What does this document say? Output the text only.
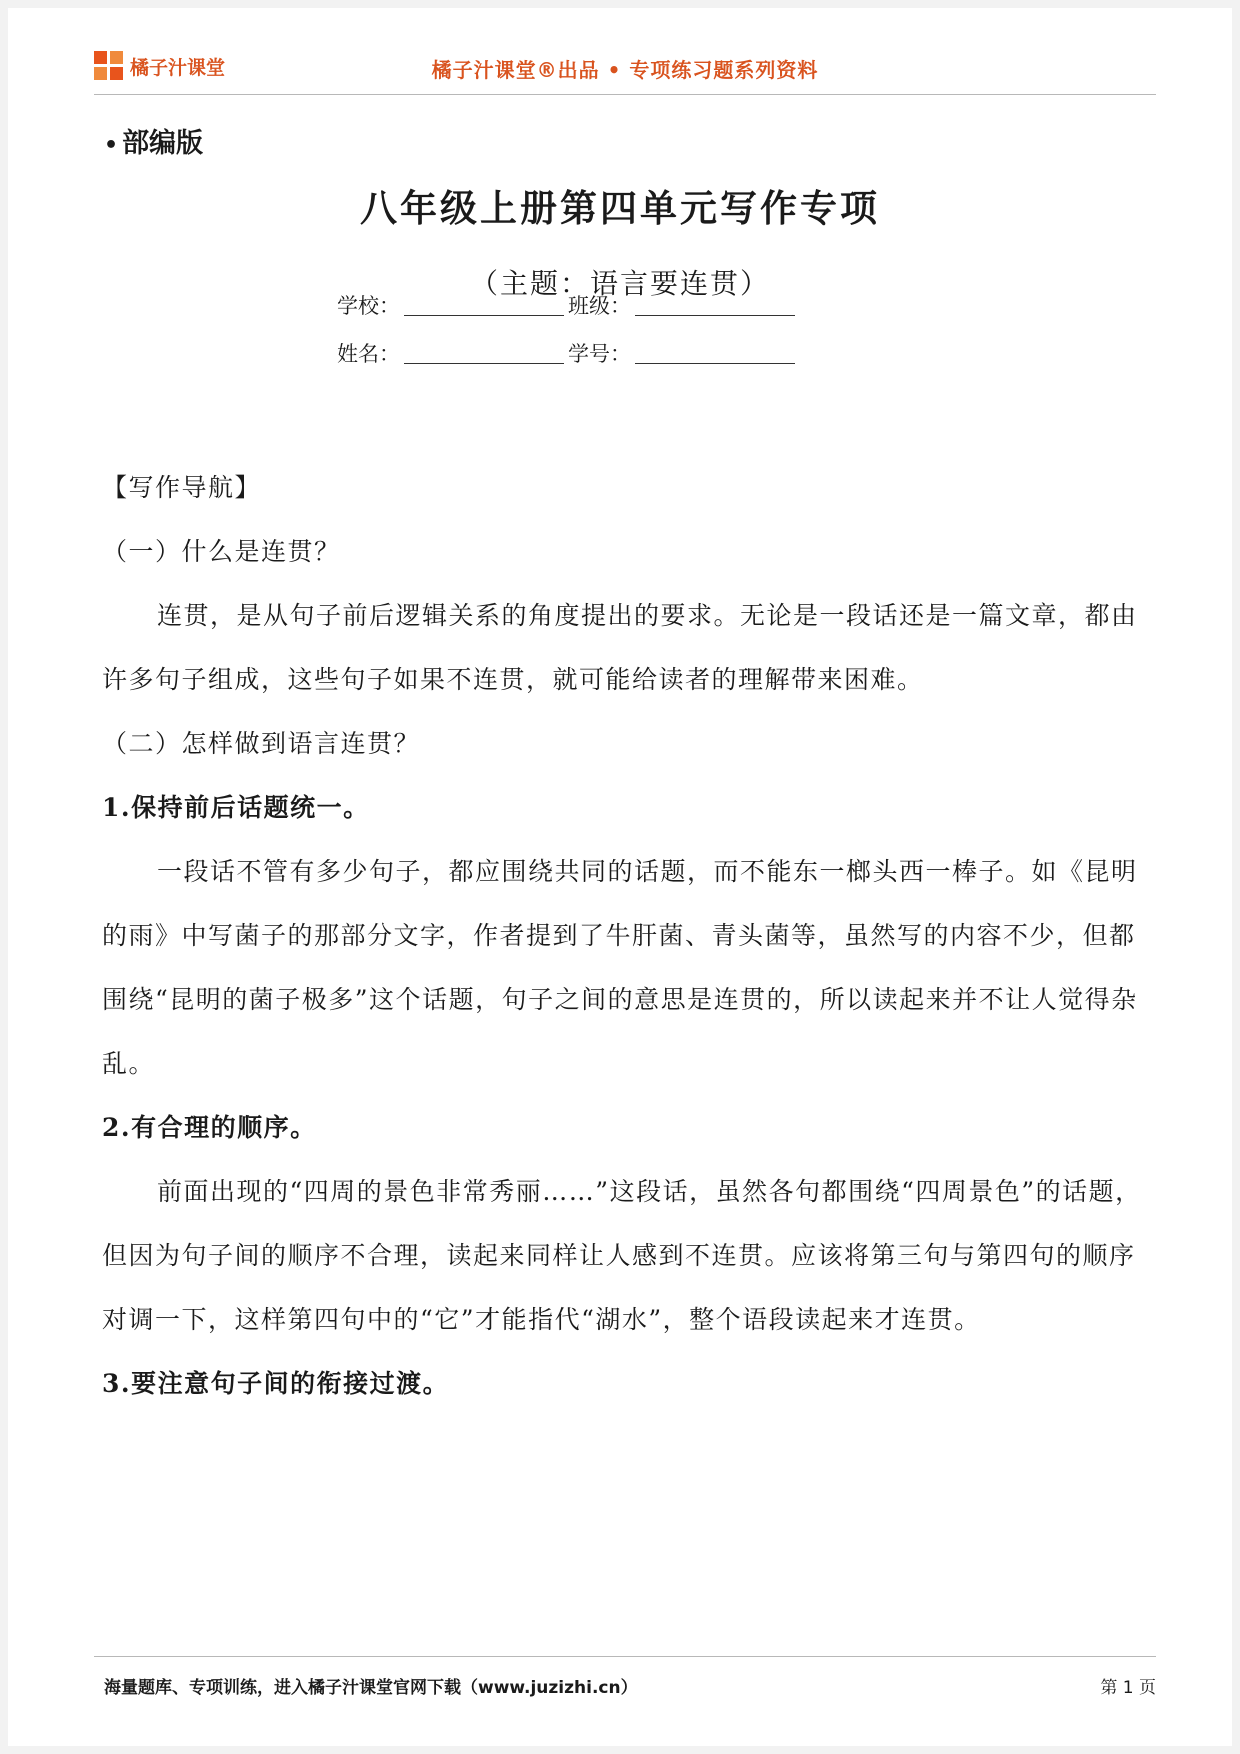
橘子汁课堂	橘子汁课堂®出品 • 专项练习题系列资料
• 部编版
八年级上册第四单元写作专项
（主题：语言要连贯）
学校：	班级：
姓名：	学号：

【写作导航】

（一）什么是连贯？

连贯，是从句子前后逻辑关系的角度提出的要求。无论是一段话还是一篇文章，都由许多句子组成，这些句子如果不连贯，就可能给读者的理解带来困难。

（二）怎样做到语言连贯？

1.保持前后话题统一。

一段话不管有多少句子，都应围绕共同的话题，而不能东一榔头西一棒子。如《昆明的雨》中写菌子的那部分文字，作者提到了牛肝菌、青头菌等，虽然写的内容不少，但都围绕“昆明的菌子极多”这个话题，句子之间的意思是连贯的，所以读起来并不让人觉得杂乱。

2.有合理的顺序。

前面出现的“四周的景色非常秀丽……”这段话，虽然各句都围绕“四周景色”的话题，但因为句子间的顺序不合理，读起来同样让人感到不连贯。应该将第三句与第四句的顺序对调一下，这样第四句中的“它”才能指代“湖水”，整个语段读起来才连贯。

3.要注意句子间的衔接过渡。

海量题库、专项训练，进入橘子汁课堂官网下载（www.juzizhi.cn）	第 1 页
